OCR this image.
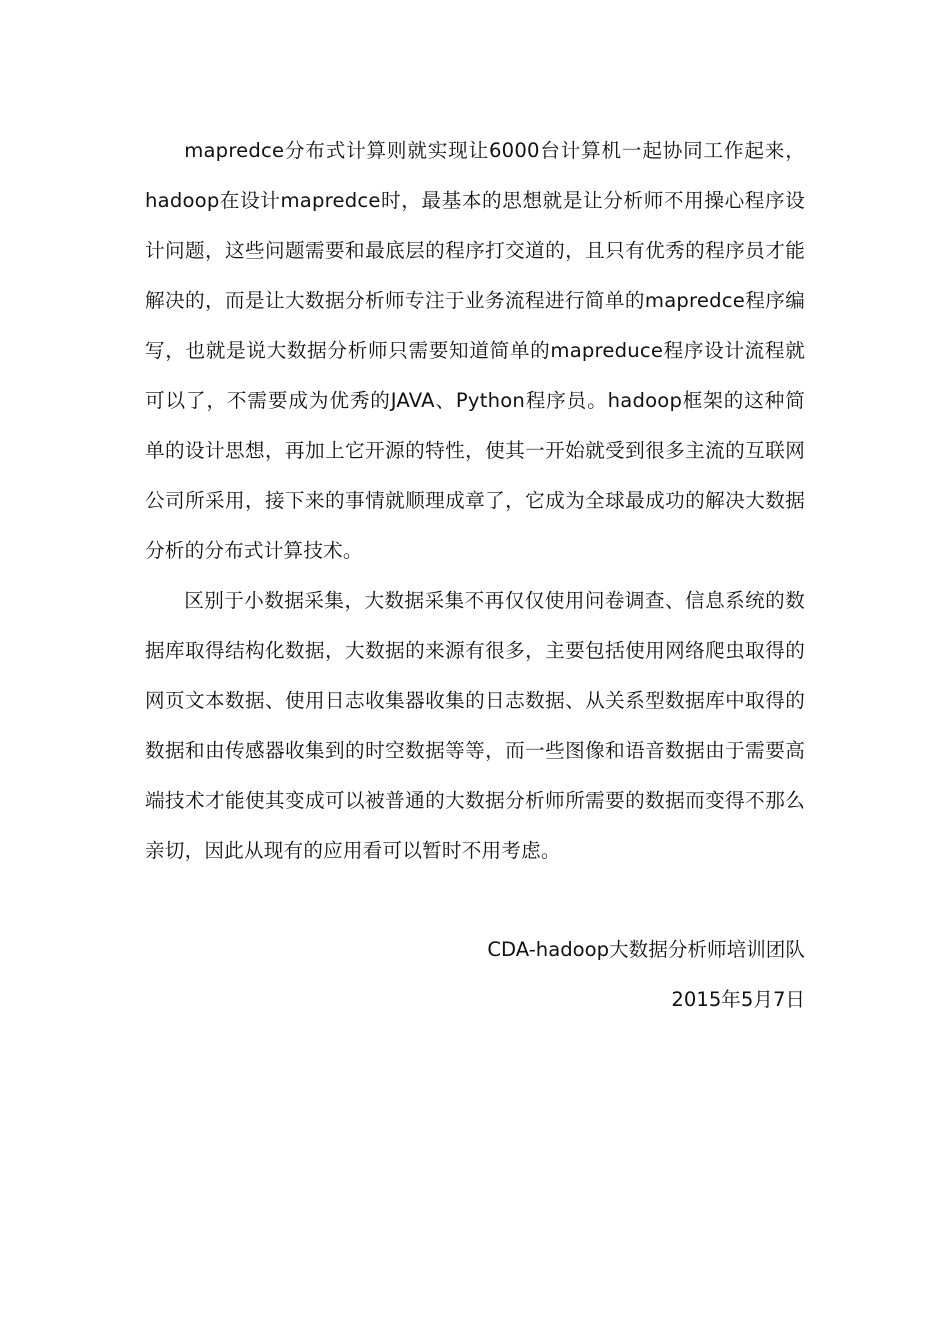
mapredce分布式计算则就实现让6000台计算机一起协同工作起来，hadoop在设计mapredce时，最基本的思想就是让分析师不用操心程序设计问题，这些问题需要和最底层的程序打交道的，且只有优秀的程序员才能解决的，而是让大数据分析师专注于业务流程进行简单的mapredce程序编写，也就是说大数据分析师只需要知道简单的mapreduce程序设计流程就可以了，不需要成为优秀的JAVA、Python程序员。hadoop框架的这种简单的设计思想，再加上它开源的特性，使其一开始就受到很多主流的互联网公司所采用，接下来的事情就顺理成章了，它成为全球最成功的解决大数据分析的分布式计算技术。

区别于小数据采集，大数据采集不再仅仅使用问卷调查、信息系统的数据库取得结构化数据，大数据的来源有很多，主要包括使用网络爬虫取得的网页文本数据、使用日志收集器收集的日志数据、从关系型数据库中取得的数据和由传感器收集到的时空数据等等，而一些图像和语音数据由于需要高端技术才能使其变成可以被普通的大数据分析师所需要的数据而变得不那么亲切，因此从现有的应用看可以暂时不用考虑。

CDA-hadoop大数据分析师培训团队

2015年5月7日
